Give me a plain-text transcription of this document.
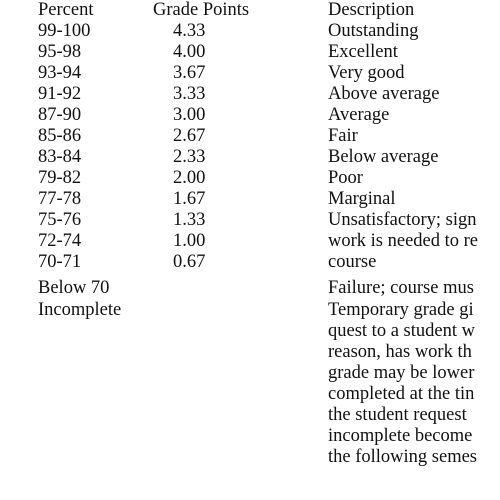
Percent	Grade Points	Description
99-100
95-98
93-94
91-92
87-90
85-86
83-84
79-82
77-78
75-76
72-74
70-71
Below 70
Incomplete
4.33
4.00
3.67
3.33
3.00
2.67
2.33
2.00
1.67
1.33
1.00
0.67
Outstanding
Excellent
Very good
Above average
Average
Fair
Below average
Poor
Marginal
Unsatisfactory; sign
work is needed to re
course
Failure; course mus
Temporary grade gi
quest to a student w
reason, has work th
grade may be lower
completed at the tin
the student request
incomplete become
the following semes
